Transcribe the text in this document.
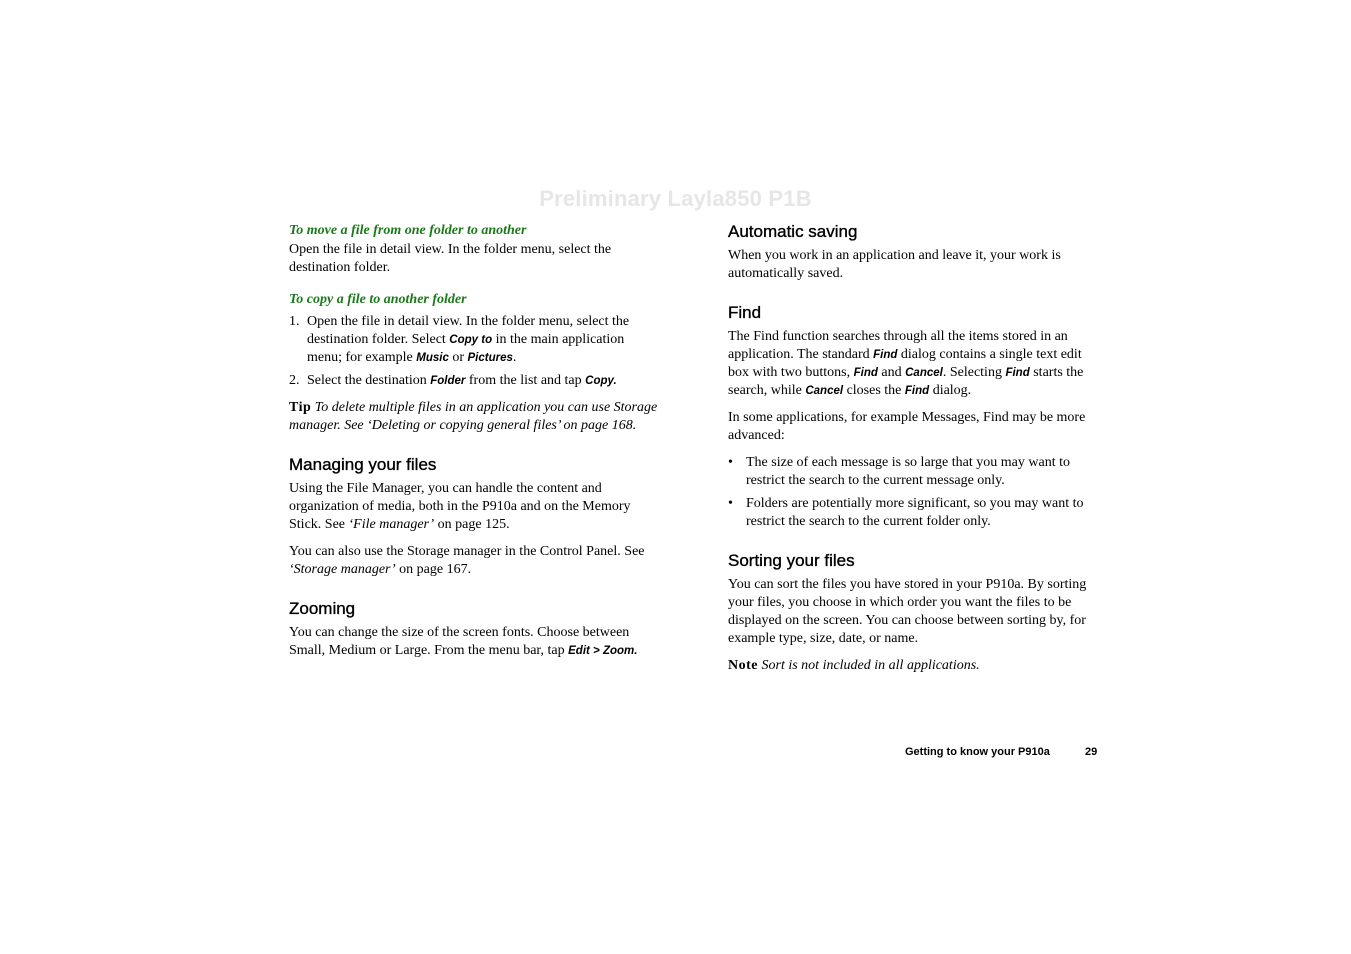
Preliminary Layla850 P1B
To move a file from one folder to another

Open the file in detail view. In the folder menu, select the destination folder.

To copy a file to another folder
1. Open the file in detail view. In the folder menu, select the destination folder. Select Copy to in the main application menu; for example Music or Pictures.
2. Select the destination Folder from the list and tap Copy.

Tip To delete multiple files in an application you can use Storage manager. See ‘Deleting or copying general files’ on page 168.

Managing your files

Using the File Manager, you can handle the content and organization of media, both in the P910a and on the Memory Stick. See ‘File manager’ on page 125.

You can also use the Storage manager in the Control Panel. See ‘Storage manager’ on page 167.

Zooming

You can change the size of the screen fonts. Choose between Small, Medium or Large. From the menu bar, tap Edit > Zoom.

Automatic saving

When you work in an application and leave it, your work is automatically saved.

Find

The Find function searches through all the items stored in an application. The standard Find dialog contains a single text edit box with two buttons, Find and Cancel. Selecting Find starts the search, while Cancel closes the Find dialog.

In some applications, for example Messages, Find may be more advanced:

• The size of each message is so large that you may want to restrict the search to the current message only.
• Folders are potentially more significant, so you may want to restrict the search to the current folder only.
Sorting your files

You can sort the files you have stored in your P910a. By sorting your files, you choose in which order you want the files to be displayed on the screen. You can choose between sorting by, for example type, size, date, or name.

Note Sort is not included in all applications.

Getting to know your P910a	29
